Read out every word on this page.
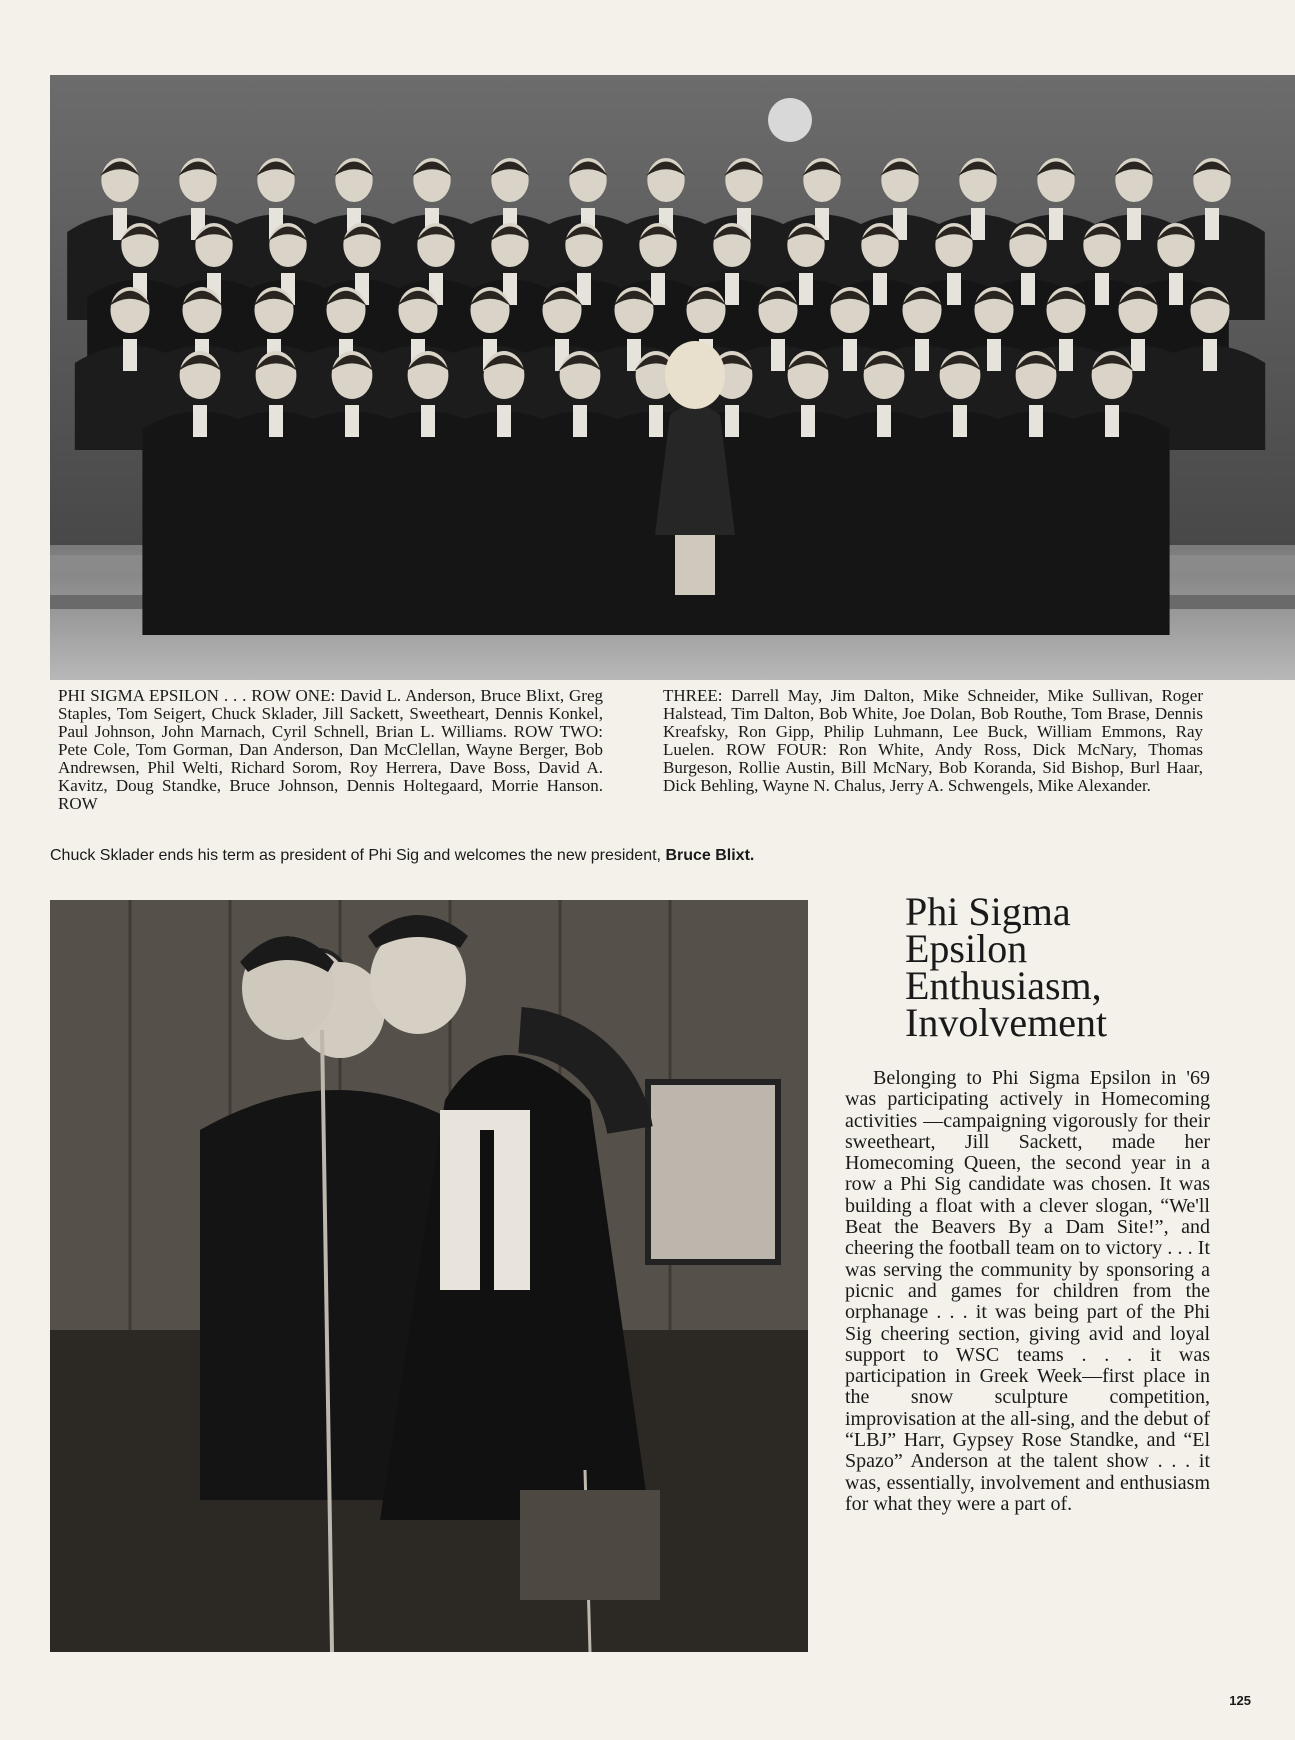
PHI SIGMA EPSILON . . . ROW ONE: David L. Anderson, Bruce Blixt, Greg Staples, Tom Seigert, Chuck Sklader, Jill Sackett, Sweetheart, Dennis Konkel, Paul Johnson, John Marnach, Cyril Schnell, Brian L. Williams. ROW TWO: Pete Cole, Tom Gorman, Dan Anderson, Dan McClellan, Wayne Berger, Bob Andrewsen, Phil Welti, Richard Sorom, Roy Herrera, Dave Boss, David A. Kavitz, Doug Standke, Bruce Johnson, Dennis Holtegaard, Morrie Hanson. ROW

THREE: Darrell May, Jim Dalton, Mike Schneider, Mike Sullivan, Roger Halstead, Tim Dalton, Bob White, Joe Dolan, Bob Routhe, Tom Brase, Dennis Kreafsky, Ron Gipp, Philip Luhmann, Lee Buck, William Emmons, Ray Luelen. ROW FOUR: Ron White, Andy Ross, Dick McNary, Thomas Burgeson, Rollie Austin, Bill McNary, Bob Koranda, Sid Bishop, Burl Haar, Dick Behling, Wayne N. Chalus, Jerry A. Schwengels, Mike Alexander.

Chuck Sklader ends his term as president of Phi Sig and welcomes the new president, Bruce Blixt.

Phi Sigma
Epsilon
Enthusiasm,
Involvement

Belonging to Phi Sigma Epsilon in '69 was participating actively in Homecoming activities —campaigning vigorously for their sweetheart, Jill Sackett, made her Homecoming Queen, the second year in a row a Phi Sig candidate was chosen. It was building a float with a clever slogan, “We'll Beat the Beavers By a Dam Site!”, and cheering the football team on to victory . . . It was serving the community by sponsoring a picnic and games for children from the orphanage . . . it was being part of the Phi Sig cheering section, giving avid and loyal support to WSC teams . . . it was participation in Greek Week—first place in the snow sculpture competition, improvisation at the all-sing, and the debut of “LBJ” Harr, Gypsey Rose Standke, and “El Spazo” Anderson at the talent show . . . it was, essentially, involvement and enthusiasm for what they were a part of.

125
